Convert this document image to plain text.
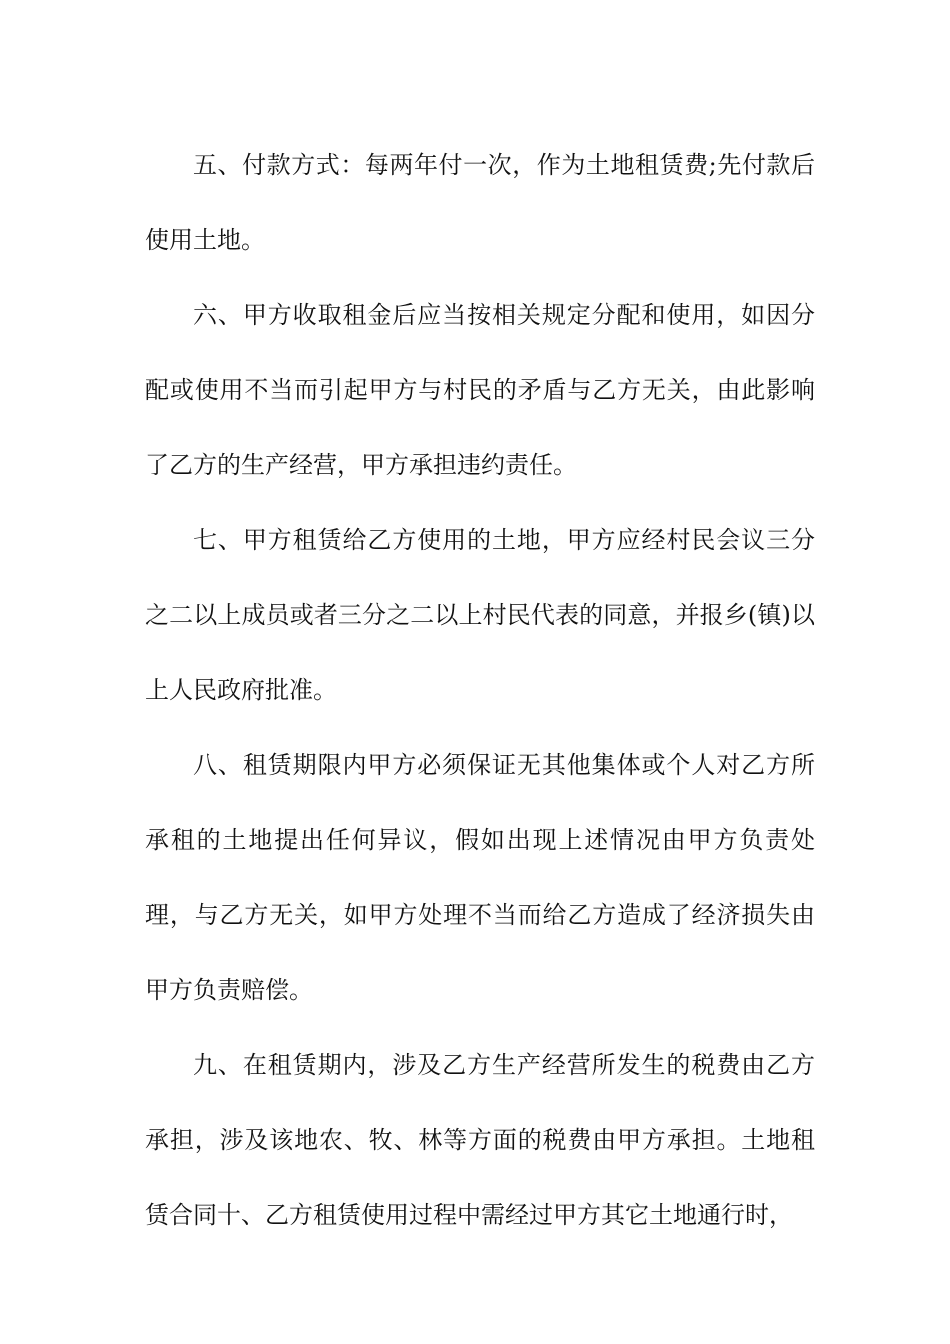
五、付款方式：每两年付一次，作为土地租赁费;先付款后使用土地。

六、甲方收取租金后应当按相关规定分配和使用，如因分配或使用不当而引起甲方与村民的矛盾与乙方无关，由此影响了乙方的生产经营，甲方承担违约责任。

七、甲方租赁给乙方使用的土地，甲方应经村民会议三分之二以上成员或者三分之二以上村民代表的同意，并报乡(镇)以上人民政府批准。

八、租赁期限内甲方必须保证无其他集体或个人对乙方所承租的土地提出任何异议，假如出现上述情况由甲方负责处理，与乙方无关，如甲方处理不当而给乙方造成了经济损失由甲方负责赔偿。

九、在租赁期内，涉及乙方生产经营所发生的税费由乙方承担，涉及该地农、牧、林等方面的税费由甲方承担。土地租赁合同十、乙方租赁使用过程中需经过甲方其它土地通行时，
